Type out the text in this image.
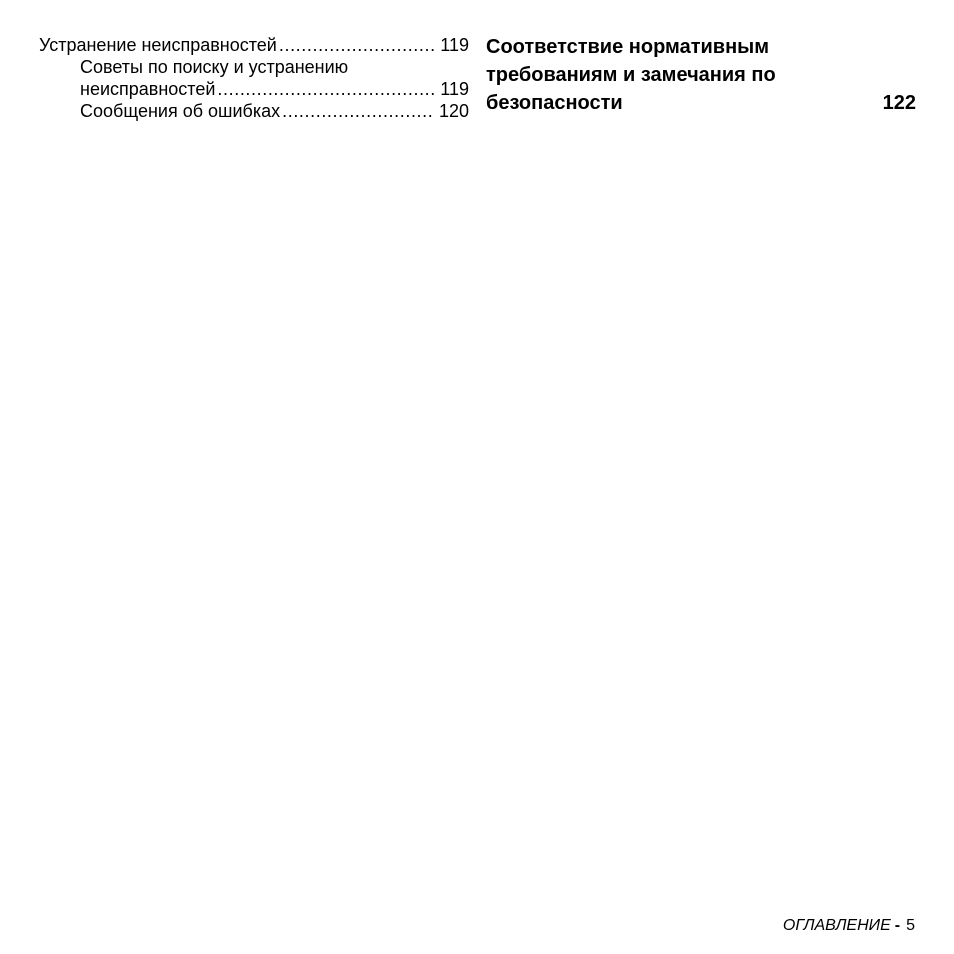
Устранение неисправностей . . .	119
Советы по поиску и устранению
неисправностей . . .	119
Сообщения об ошибках . . .	120
Соответствие нормативным
требованиям и замечания по
безопасности	122
ОГЛАВЛЕНИЕ - 5
